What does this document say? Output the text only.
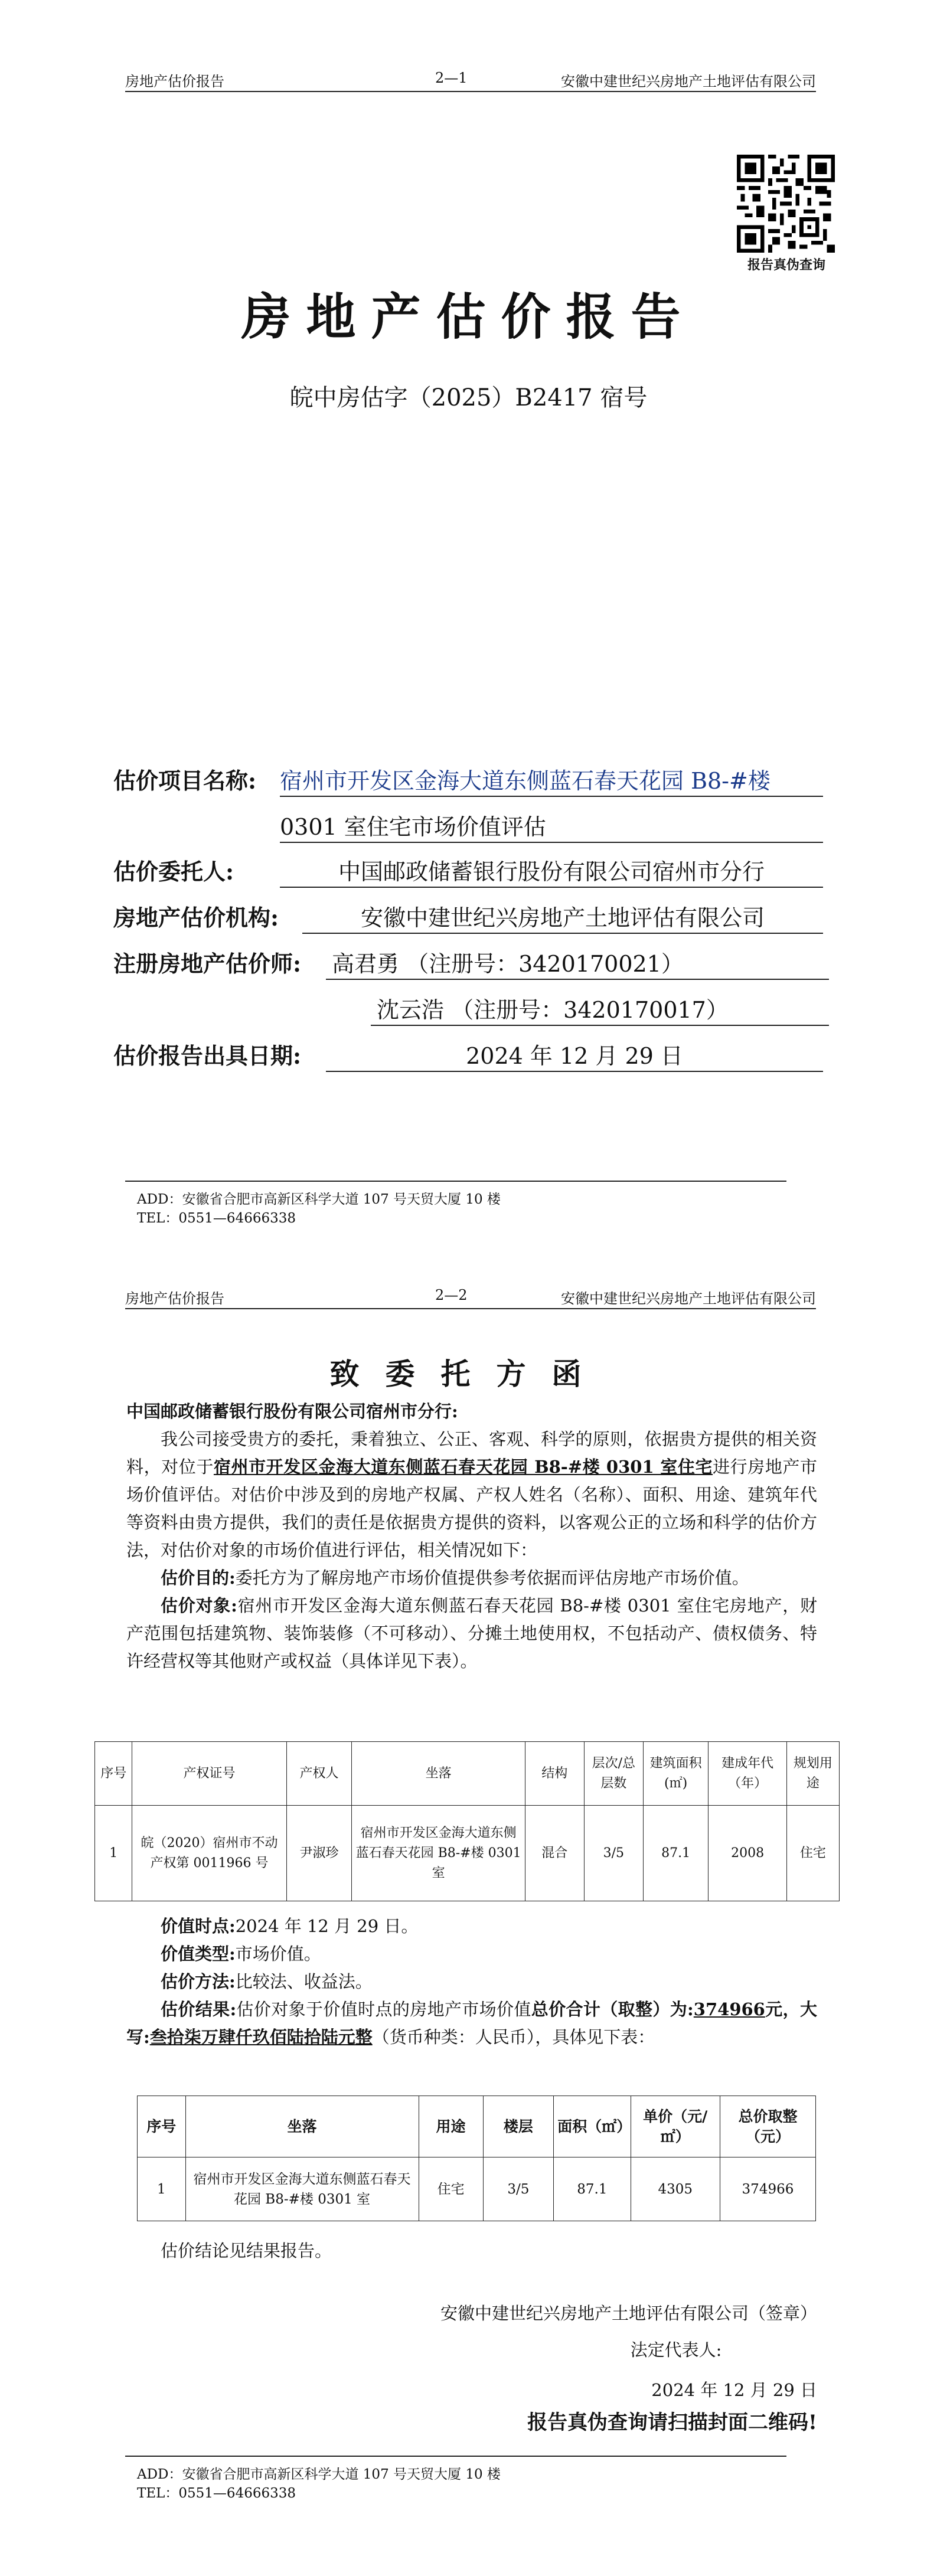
房地产估价报告	2—1	安徽中建世纪兴房地产土地评估有限公司
报告真伪查询
房地产估价报告
皖中房估字（2025）B2417 宿号
估价项目名称: 宿州市开发区金海大道东侧蓝石春天花园 B8-#楼
0301 室住宅市场价值评估
估价委托人:	中国邮政储蓄银行股份有限公司宿州市分行
房地产估价机构:	安徽中建世纪兴房地产土地评估有限公司
注册房地产估价师: 高君勇 （注册号：3420170021）
沈云浩 （注册号：3420170017）
估价报告出具日期:	2024 年 12 月 29 日
ADD：安徽省合肥市高新区科学大道 107 号天贸大厦 10 楼
TEL：0551—64666338
房地产估价报告	2—2	安徽中建世纪兴房地产土地评估有限公司
致委托方函
中国邮政储蓄银行股份有限公司宿州市分行:

我公司接受贵方的委托，秉着独立、公正、客观、科学的原则，依据贵方提供的相关资料，对位于宿州市开发区金海大道东侧蓝石春天花园 B8-#楼 0301 室住宅进行房地产市场价值评估。对估价中涉及到的房地产权属、产权人姓名（名称）、面积、用途、建筑年代等资料由贵方提供，我们的责任是依据贵方提供的资料，以客观公正的立场和科学的估价方法，对估价对象的市场价值进行评估，相关情况如下：

估价目的:委托方为了解房地产市场价值提供参考依据而评估房地产市场价值。

估价对象:宿州市开发区金海大道东侧蓝石春天花园 B8-#楼 0301 室住宅房地产，财产范围包括建筑物、装饰装修（不可移动）、分摊土地使用权，不包括动产、债权债务、特许经营权等其他财产或权益（具体详见下表）。

序号	产权证号	产权人	坐落	结构	层次/总层数	建筑面积(㎡)	建成年代（年）	规划用途
1	皖（2020）宿州市不动产权第 0011966 号	尹淑珍	宿州市开发区金海大道东侧蓝石春天花园 B8-#楼 0301 室	混合	3/5	87.1	2008	住宅

价值时点:2024 年 12 月 29 日。

价值类型:市场价值。

估价方法:比较法、收益法。

估价结果:估价对象于价值时点的房地产市场价值总价合计（取整）为:374966元，大写:叁拾柒万肆仟玖佰陆拾陆元整（货币种类：人民币），具体见下表：

序号	坐落	用途	楼层	面积（㎡）	单价（元/㎡）	总价取整（元）
1	宿州市开发区金海大道东侧蓝石春天花园 B8-#楼 0301 室	住宅	3/5	87.1	4305	374966

估价结论见结果报告。

安徽中建世纪兴房地产土地评估有限公司（签章）
法定代表人:
2024 年 12 月 29 日
报告真伪查询请扫描封面二维码!
ADD：安徽省合肥市高新区科学大道 107 号天贸大厦 10 楼
TEL：0551—64666338
